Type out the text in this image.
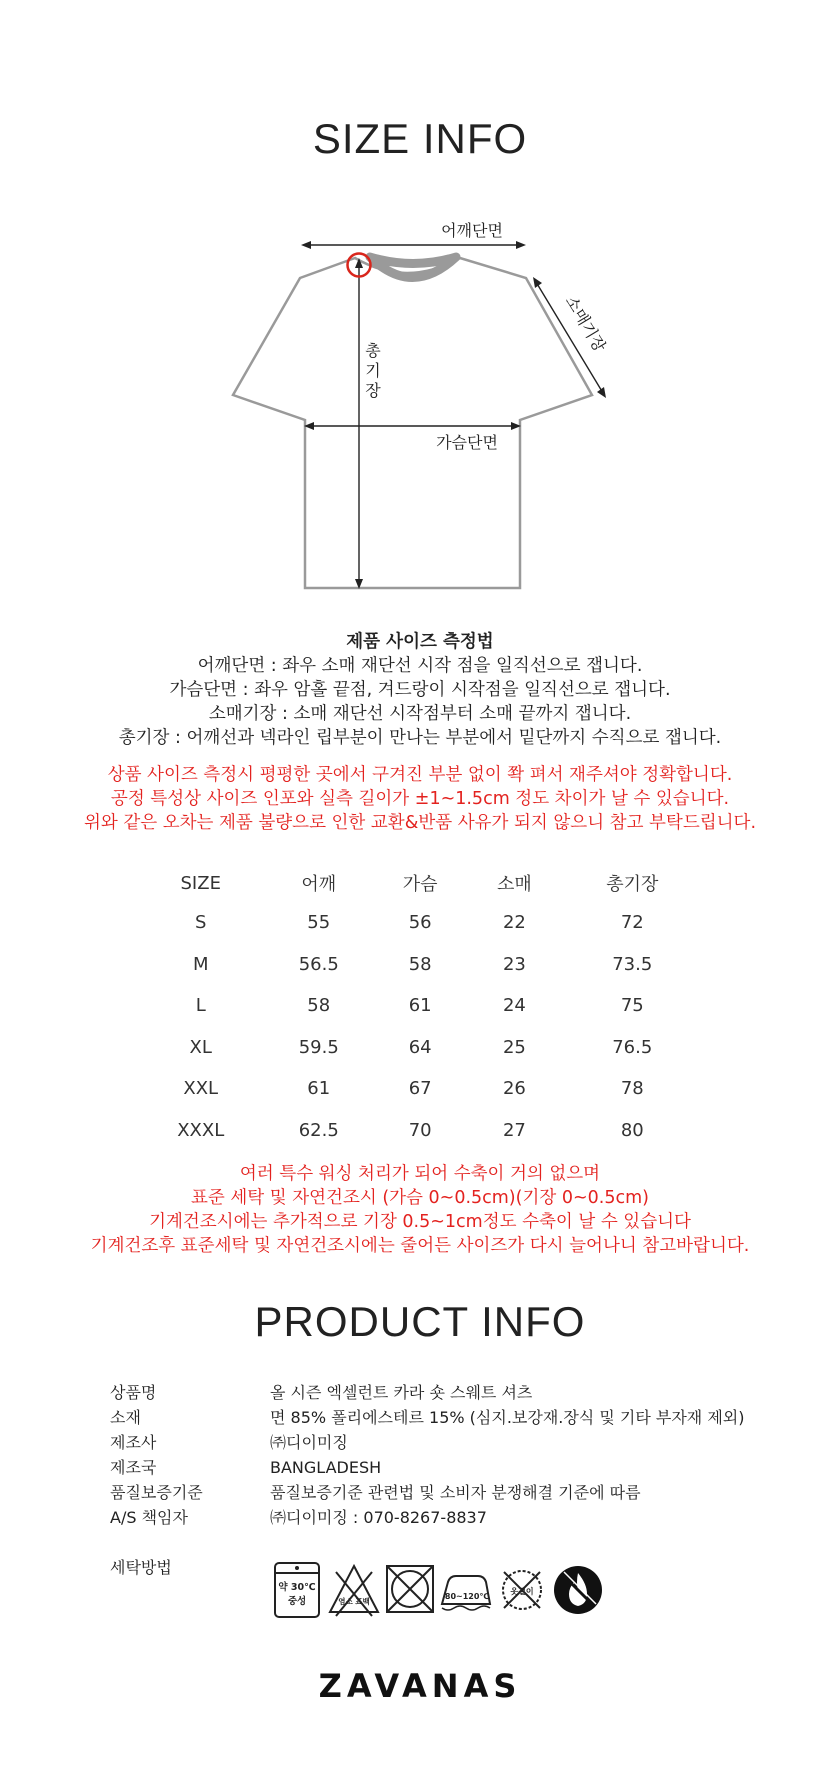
SIZE INFO
어깨단면
소매기장
총 기 장
가슴단면
제품 사이즈 측정법
어깨단면 : 좌우 소매 재단선 시작 점을 일직선으로 잽니다.
가슴단면 : 좌우 암홀 끝점, 겨드랑이 시작점을 일직선으로 잽니다.
소매기장 : 소매 재단선 시작점부터 소매 끝까지 잽니다.
총기장 : 어깨선과 넥라인 립부분이 만나는 부분에서 밑단까지 수직으로 잽니다.
상품 사이즈 측정시 평평한 곳에서 구겨진 부분 없이 쫙 펴서 재주셔야 정확합니다.
공정 특성상 사이즈 인포와 실측 길이가 ±1~1.5cm 정도 차이가 날 수 있습니다.
위와 같은 오차는 제품 불량으로 인한 교환&반품 사유가 되지 않으니 참고 부탁드립니다.
SIZE	어깨	가슴	소매	총기장
S	55	56	22	72
M	56.5	58	23	73.5
L	58	61	24	75
XL	59.5	64	25	76.5
XXL	61	67	26	78
XXXL	62.5	70	27	80
여러 특수 워싱 처리가 되어 수축이 거의 없으며
표준 세탁 및 자연건조시 (가슴 0~0.5cm)(기장 0~0.5cm)
기계건조시에는 추가적으로 기장 0.5~1cm정도 수축이 날 수 있습니다
기계건조후 표준세탁 및 자연건조시에는 줄어든 사이즈가 다시 늘어나니 참고바랍니다.
PRODUCT INFO
상품명	올 시즌 엑셀런트 카라 숏 스웨트 셔츠
소재	면 85% 폴리에스테르 15% (심지.보강재.장식 및 기타 부자재 제외)
제조사	㈜디이미징
제조국	BANGLADESH
품질보증기준	품질보증기준 관련법 및 소비자 분쟁해결 기준에 따름
A/S 책임자	㈜디이미징 : 070-8267-8837
세탁방법
약 30℃
중성	염소 표백
80~120℃
옷걸이
ZAVANAS
